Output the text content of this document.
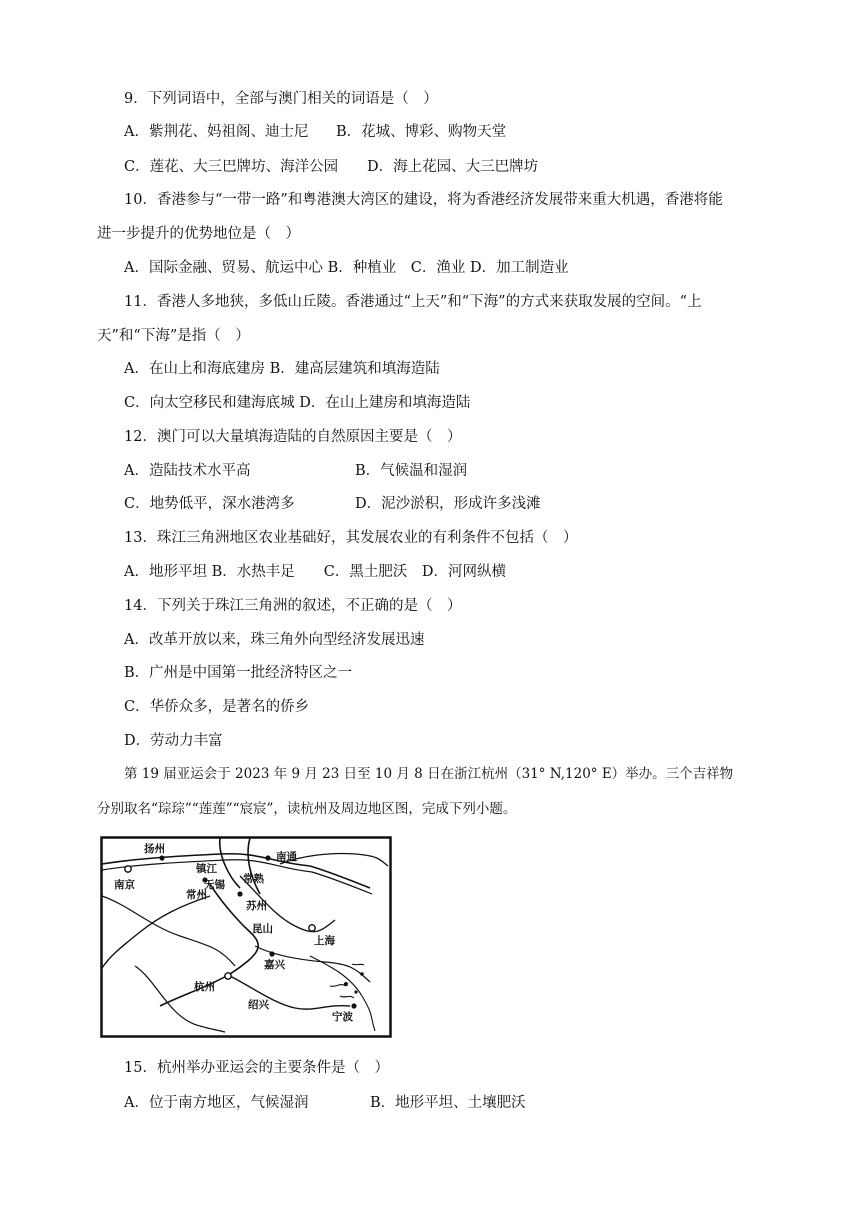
9．下列词语中，全部与澳门相关的词语是（　）
A．紫荆花、妈祖阁、迪士尼 B．花城、博彩、购物天堂
C．莲花、大三巴牌坊、海洋公园 D．海上花园、大三巴牌坊
10．香港参与“一带一路”和粤港澳大湾区的建设，将为香港经济发展带来重大机遇，香港将能
进一步提升的优势地位是（　）
A．国际金融、贸易、航运中心 B．种植业　C．渔业 D．加工制造业
11．香港人多地狭，多低山丘陵。香港通过“上天”和“下海”的方式来获取发展的空间。“上
天”和“下海”是指（　）
A．在山上和海底建房 B．建高层建筑和填海造陆
C．向太空移民和建海底城 D．在山上建房和填海造陆
12．澳门可以大量填海造陆的自然原因主要是（　）
A．造陆技术水平高	B．气候温和湿润
C．地势低平，深水港湾多	D．泥沙淤积，形成许多浅滩
13．珠江三角洲地区农业基础好，其发展农业的有利条件不包括（　）
A．地形平坦 B．水热丰足　　C．黑土肥沃　D．河网纵横
14．下列关于珠江三角洲的叙述，不正确的是（　）
A．改革开放以来，珠三角外向型经济发展迅速
B．广州是中国第一批经济特区之一
C．华侨众多，是著名的侨乡
D．劳动力丰富
第 19 届亚运会于 2023 年 9 月 23 日至 10 月 8 日在浙江杭州（31° N,120° E）举办。三个吉祥物
分别取名“琮琮”“莲莲”“宸宸”，读杭州及周边地区图，完成下列小题。
扬州
南京
镇江
常州
无锡 常熟
苏州
南通
昆山
上海
嘉兴
杭州
绍兴
宁波
15．杭州举办亚运会的主要条件是（　）
A．位于南方地区，气候湿润	B．地形平坦、土壤肥沃
